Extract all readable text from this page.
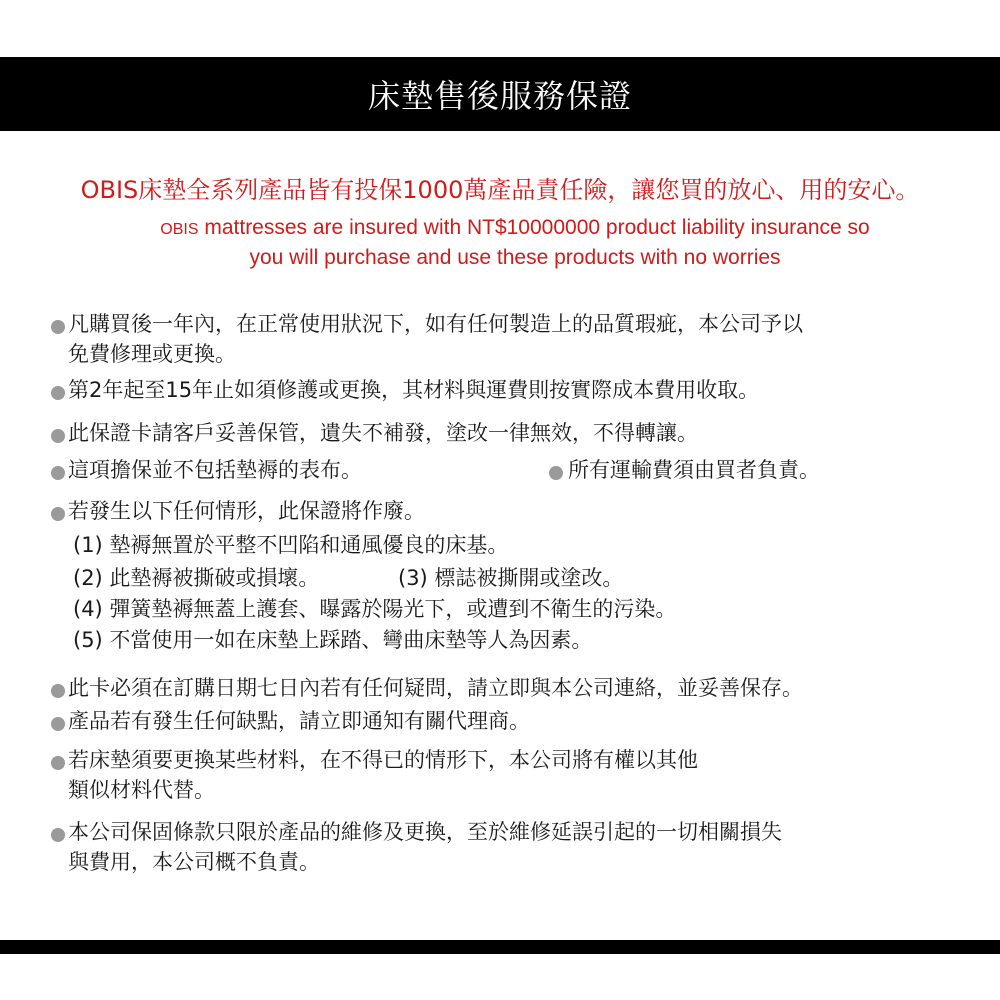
床墊售後服務保證
OBIS床墊全系列產品皆有投保1000萬產品責任險，讓您買的放心、用的安心。
OBIS mattresses are insured with NT$10000000 product liability insurance so
you will purchase and use these products with no worries
凡購買後一年內，在正常使用狀況下，如有任何製造上的品質瑕疵，本公司予以
免費修理或更換。
第2年起至15年止如須修護或更換，其材料與運費則按實際成本費用收取。
此保證卡請客戶妥善保管，遺失不補發，塗改一律無效，不得轉讓。
這項擔保並不包括墊褥的表布。	所有運輸費須由買者負責。
若發生以下任何情形，此保證將作廢。
(1) 墊褥無置於平整不凹陷和通風優良的床基。
(2) 此墊褥被撕破或損壞。	(3) 標誌被撕開或塗改。
(4) 彈簧墊褥無蓋上護套、曝露於陽光下，或遭到不衛生的污染。
(5) 不當使用一如在床墊上踩踏、彎曲床墊等人為因素。
此卡必須在訂購日期七日內若有任何疑問，請立即與本公司連絡，並妥善保存。
產品若有發生任何缺點，請立即通知有關代理商。
若床墊須要更換某些材料，在不得已的情形下，本公司將有權以其他
類似材料代替。
本公司保固條款只限於產品的維修及更換，至於維修延誤引起的一切相關損失
與費用，本公司概不負責。
